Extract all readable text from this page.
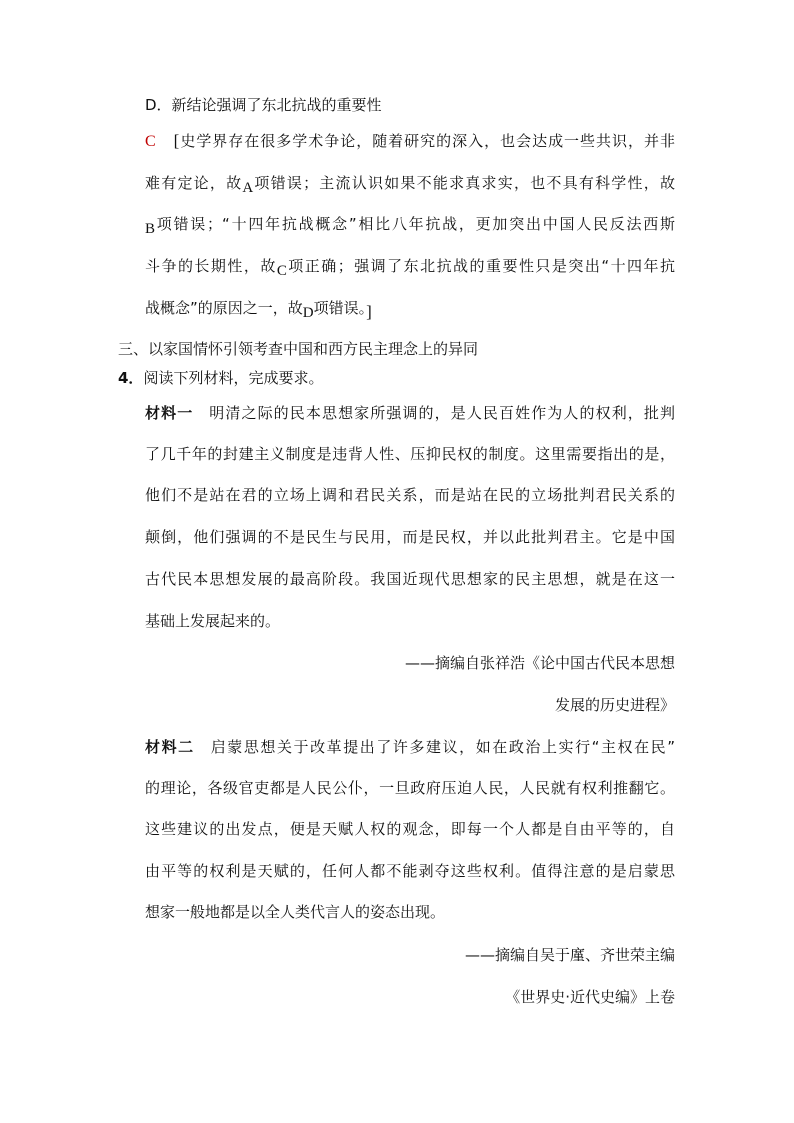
D．新结论强调了东北抗战的重要性
C [史学界存在很多学术争论，随着研究的深入，也会达成一些共识，并非
难有定论，故A项错误；主流认识如果不能求真求实，也不具有科学性，故
B项错误；“十四年抗战概念”相比八年抗战，更加突出中国人民反法西斯
斗争的长期性，故C项正确；强调了东北抗战的重要性只是突出“十四年抗
战概念”的原因之一，故D项错误。]
三、以家国情怀引领考查中国和西方民主理念上的异同
4．阅读下列材料，完成要求。
材料一 明清之际的民本思想家所强调的，是人民百姓作为人的权利，批判
了几千年的封建主义制度是违背人性、压抑民权的制度。这里需要指出的是，
他们不是站在君的立场上调和君民关系，而是站在民的立场批判君民关系的
颠倒，他们强调的不是民生与民用，而是民权，并以此批判君主。它是中国
古代民本思想发展的最高阶段。我国近现代思想家的民主思想，就是在这一
基础上发展起来的。
——摘编自张祥浩《论中国古代民本思想
发展的历史进程》
材料二 启蒙思想关于改革提出了许多建议，如在政治上实行“主权在民”
的理论，各级官吏都是人民公仆，一旦政府压迫人民，人民就有权利推翻它。
这些建议的出发点，便是天赋人权的观念，即每一个人都是自由平等的，自
由平等的权利是天赋的，任何人都不能剥夺这些权利。值得注意的是启蒙思
想家一般地都是以全人类代言人的姿态出现。
——摘编自吴于廑、齐世荣主编
《世界史·近代史编》上卷
